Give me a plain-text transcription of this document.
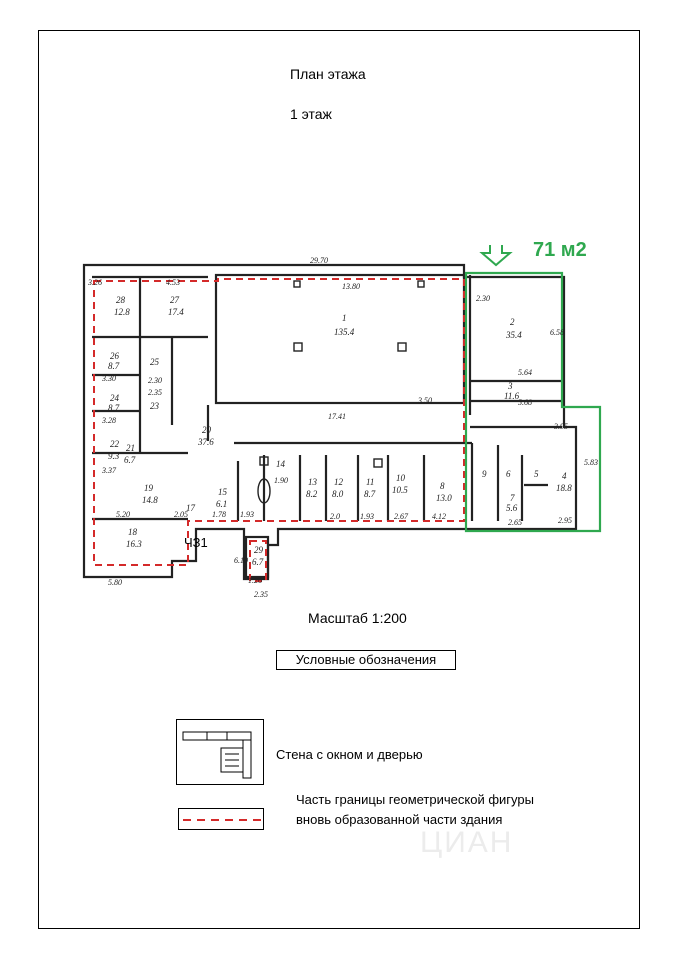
План этажа
1 этаж
71 м2
1
135.4
2
35.4
3
11.6
4
18.8
5
6
7
5.6
8
13.0
9
10
10.5
11
8.7
12
8.0
13
8.2
14
15
6.1
17
18
16.3
19
14.8
20
37.6
21
6.7
22
9.3
23
24
8.7
25
26
8.7
27
17.4
28
12.8
29
6.7
29.70
13.80
17.41
5.80
2.35
3.26	4.53
3.30	2.30
3.28
2.35
3.37
5.20	2.05	1.78 1.93
1.90
2.0	1.93	2.67	4.12
2.30
6.58
5.64
5.68
3.95
5.83
2.65	2.95
6.10
1.26
3.50
ЧЗ1
Масштаб 1:200
Условные обозначения
Стена с окном и дверью
Часть границы геометрической фигуры
вновь образованной части здания
ЦИАН
